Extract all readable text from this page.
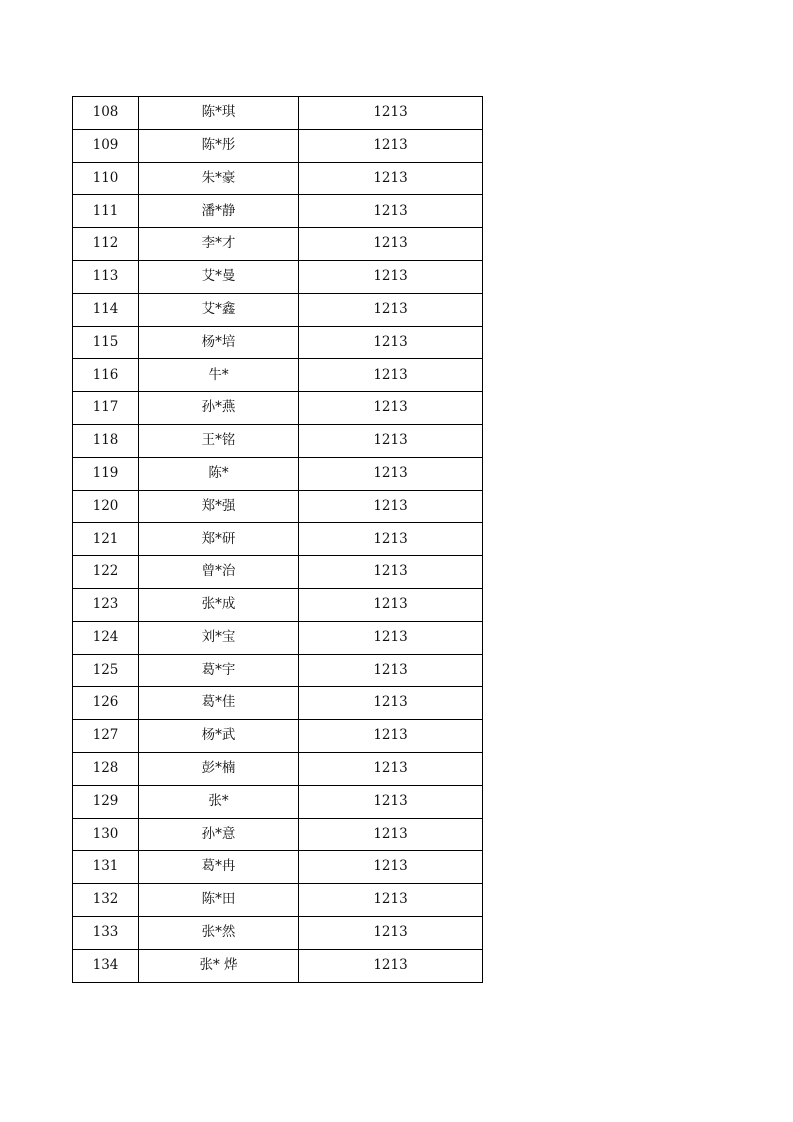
108	陈*琪	1213
109	陈*彤	1213
110	朱*豪	1213
111	潘*静	1213
112	李*才	1213
113	艾*曼	1213
114	艾*鑫	1213
115	杨*培	1213
116	牛*	1213
117	孙*燕	1213
118	王*铭	1213
119	陈*	1213
120	郑*强	1213
121	郑*研	1213
122	曾*治	1213
123	张*成	1213
124	刘*宝	1213
125	葛*宇	1213
126	葛*佳	1213
127	杨*武	1213
128	彭*楠	1213
129	张*	1213
130	孙*意	1213
131	葛*冉	1213
132	陈*田	1213
133	张*然	1213
134	张* 烨	1213
